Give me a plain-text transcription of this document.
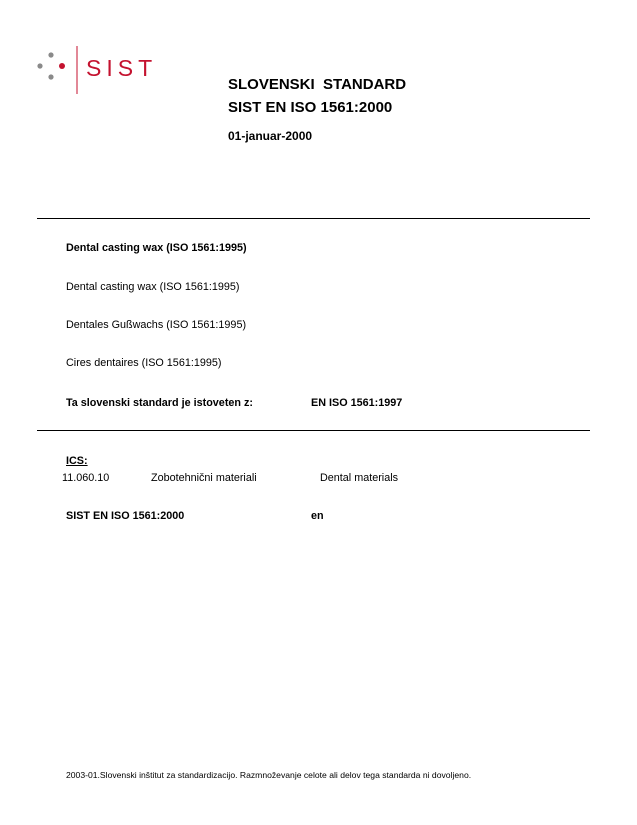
SIST
SLOVENSKI  STANDARD
SIST EN ISO 1561:2000
01-januar-2000
Dental casting wax (ISO 1561:1995)
Dental casting wax (ISO 1561:1995)
Dentales Gußwachs (ISO 1561:1995)
Cires dentaires (ISO 1561:1995)
Ta slovenski standard je istoveten z:	EN ISO 1561:1997
ICS:
11.060.10	Zobotehnični materiali	Dental materials
SIST EN ISO 1561:2000	en
2003-01.Slovenski inštitut za standardizacijo. Razmnoževanje celote ali delov tega standarda ni dovoljeno.
